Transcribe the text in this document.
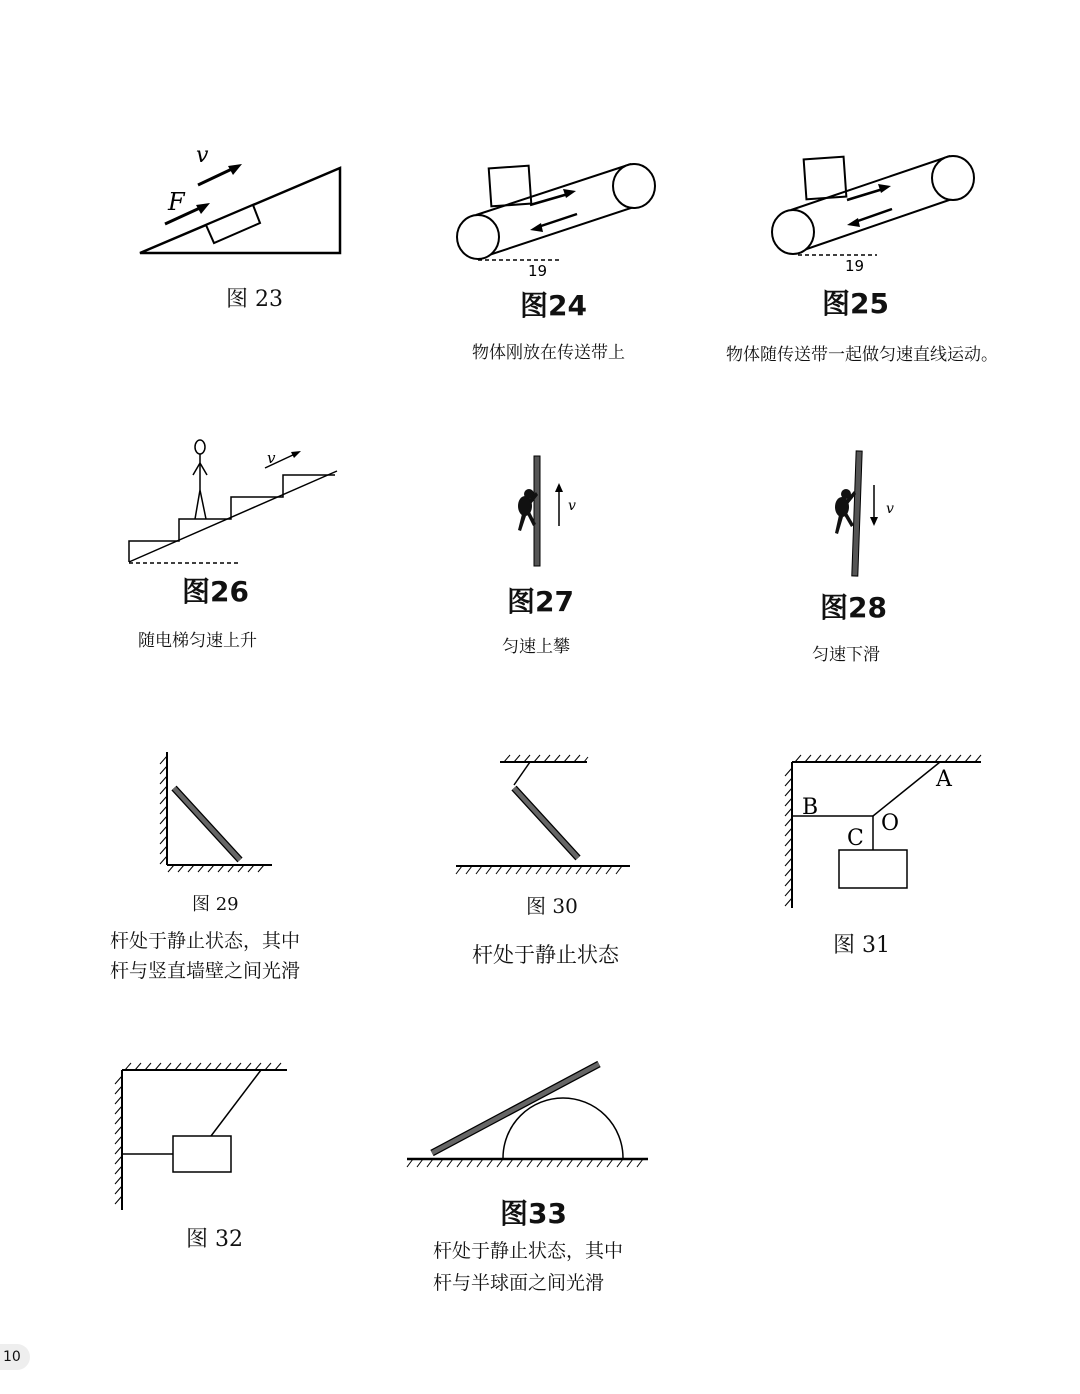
v
F
图 23
19
图24
物体刚放在传送带上
19
图25
物体随传送带一起做匀速直线运动。
v
图26
随电梯匀速上升
v
图27
匀速上攀
v
图28
匀速下滑
图 29
杆处于静止状态，其中
杆与竖直墙壁之间光滑
图 30
杆处于静止状态
A
B
C
O
图 31
图 32
图33
杆处于静止状态，其中
杆与半球面之间光滑
10
